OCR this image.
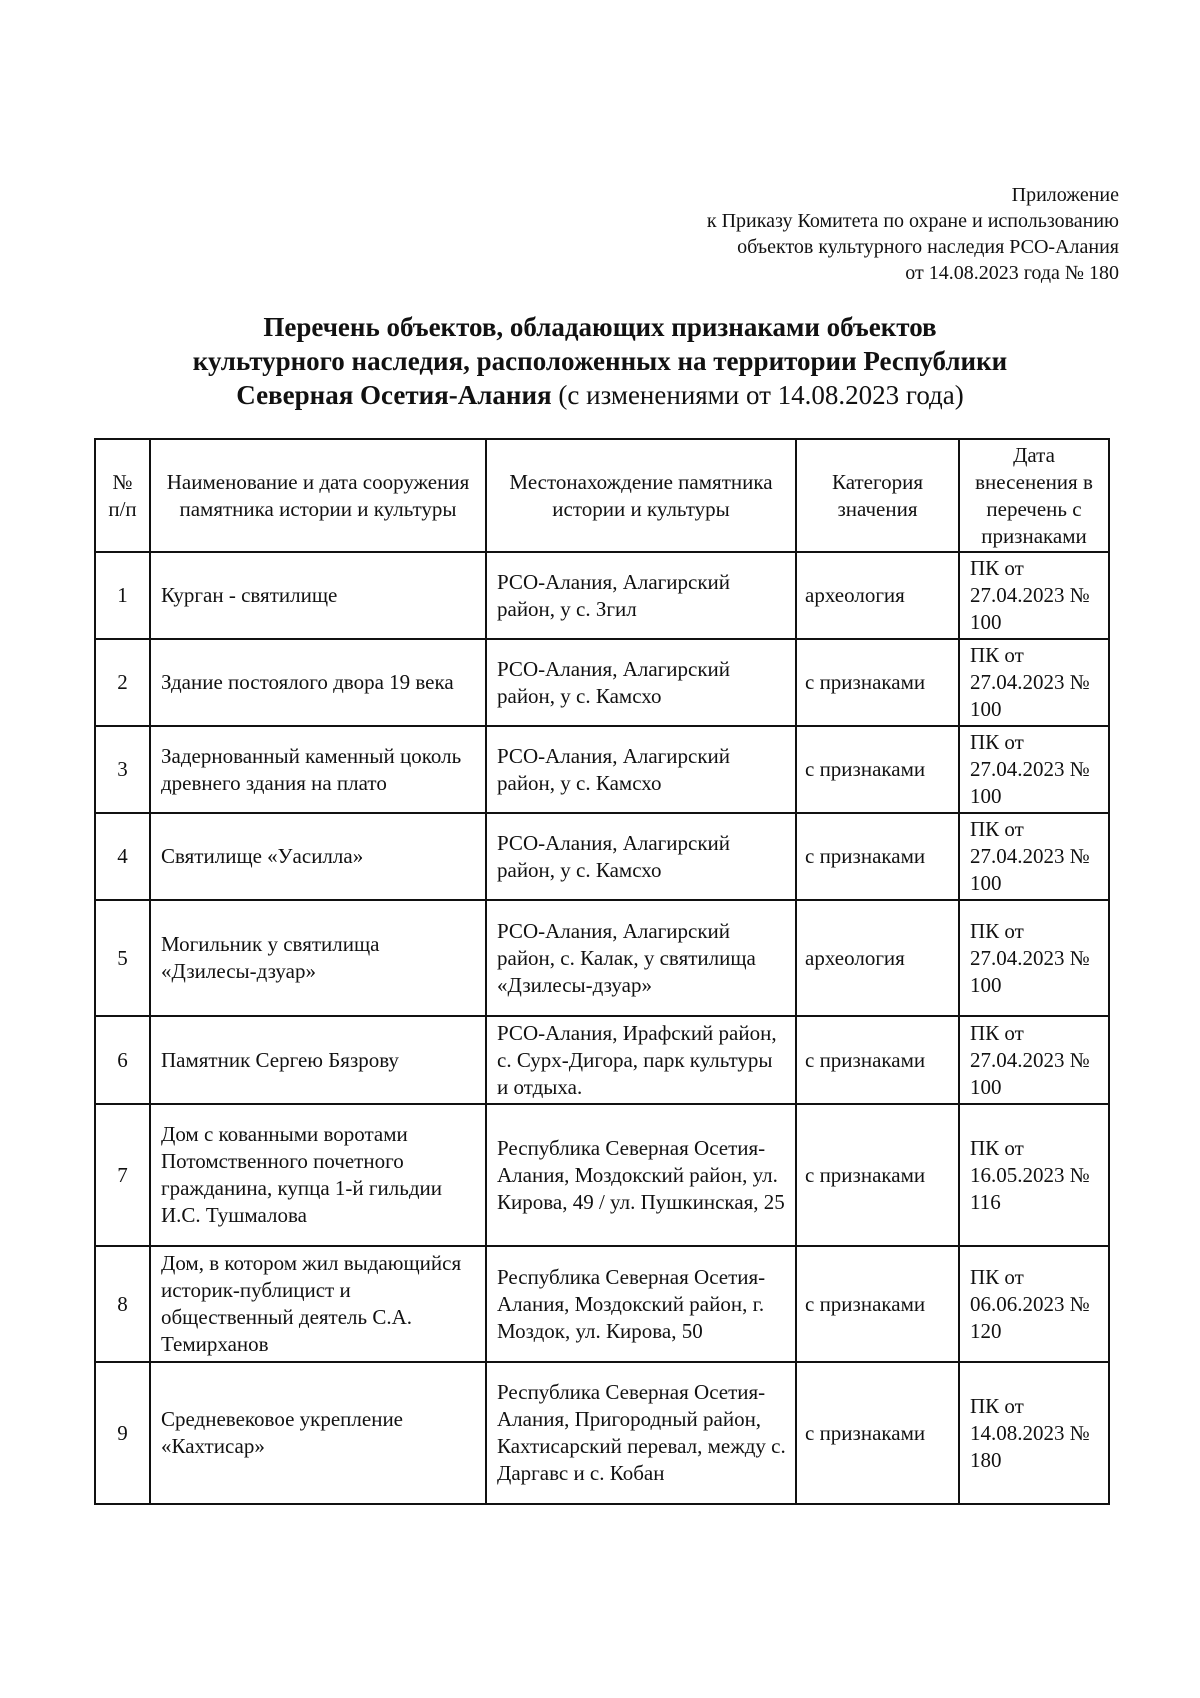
Приложение
к Приказу Комитета по охране и использованию
объектов культурного наследия РСО-Алания
от 14.08.2023 года № 180
Перечень объектов, обладающих признаками объектов
культурного наследия, расположенных на территории Республики
Северная Осетия-Алания (с изменениями от 14.08.2023 года)
№ п/п	Наименование и дата сооружения памятника истории и культуры	Местонахождение памятника истории и культуры	Категория значения	Дата внесенения в перечень с признаками
1	Курган - святилище	РСО-Алания, Алагирский район, у с. Згил	археология	ПК от 27.04.2023 № 100
2	Здание постоялого двора 19 века	РСО-Алания, Алагирский район, у с. Камсхо	с признаками	ПК от 27.04.2023 № 100
3	Задернованный каменный цоколь древнего здания на плато	РСО-Алания, Алагирский район, у с. Камсхо	с признаками	ПК от 27.04.2023 № 100
4	Святилище «Уасилла»	РСО-Алания, Алагирский район, у с. Камсхо	с признаками	ПК от 27.04.2023 № 100
5	Могильник у святилища «Дзилесы-дзуар»	РСО-Алания, Алагирский район, с. Калак, у святилища «Дзилесы-дзуар»	археология	ПК от 27.04.2023 № 100
6	Памятник Сергею Бязрову	РСО-Алания, Ирафский район, с. Сурх-Дигора, парк культуры и отдыха.	с признаками	ПК от 27.04.2023 № 100
7	Дом с кованными воротами Потомственного почетного гражданина, купца 1-й гильдии И.С. Тушмалова	Республика Северная Осетия-Алания, Моздокский район, ул. Кирова, 49 / ул. Пушкинская, 25	с признаками	ПК от 16.05.2023 № 116
8	Дом, в котором жил выдающийся историк-публицист и общественный деятель С.А. Темирханов	Республика Северная Осетия-Алания, Моздокский район, г. Моздок, ул. Кирова, 50	с признаками	ПК от 06.06.2023 № 120
9	Средневековое укрепление «Кахтисар»	Республика Северная Осетия-Алания, Пригородный район, Кахтисарский перевал, между с. Даргавс и с. Кобан	с признаками	ПК от 14.08.2023 № 180
